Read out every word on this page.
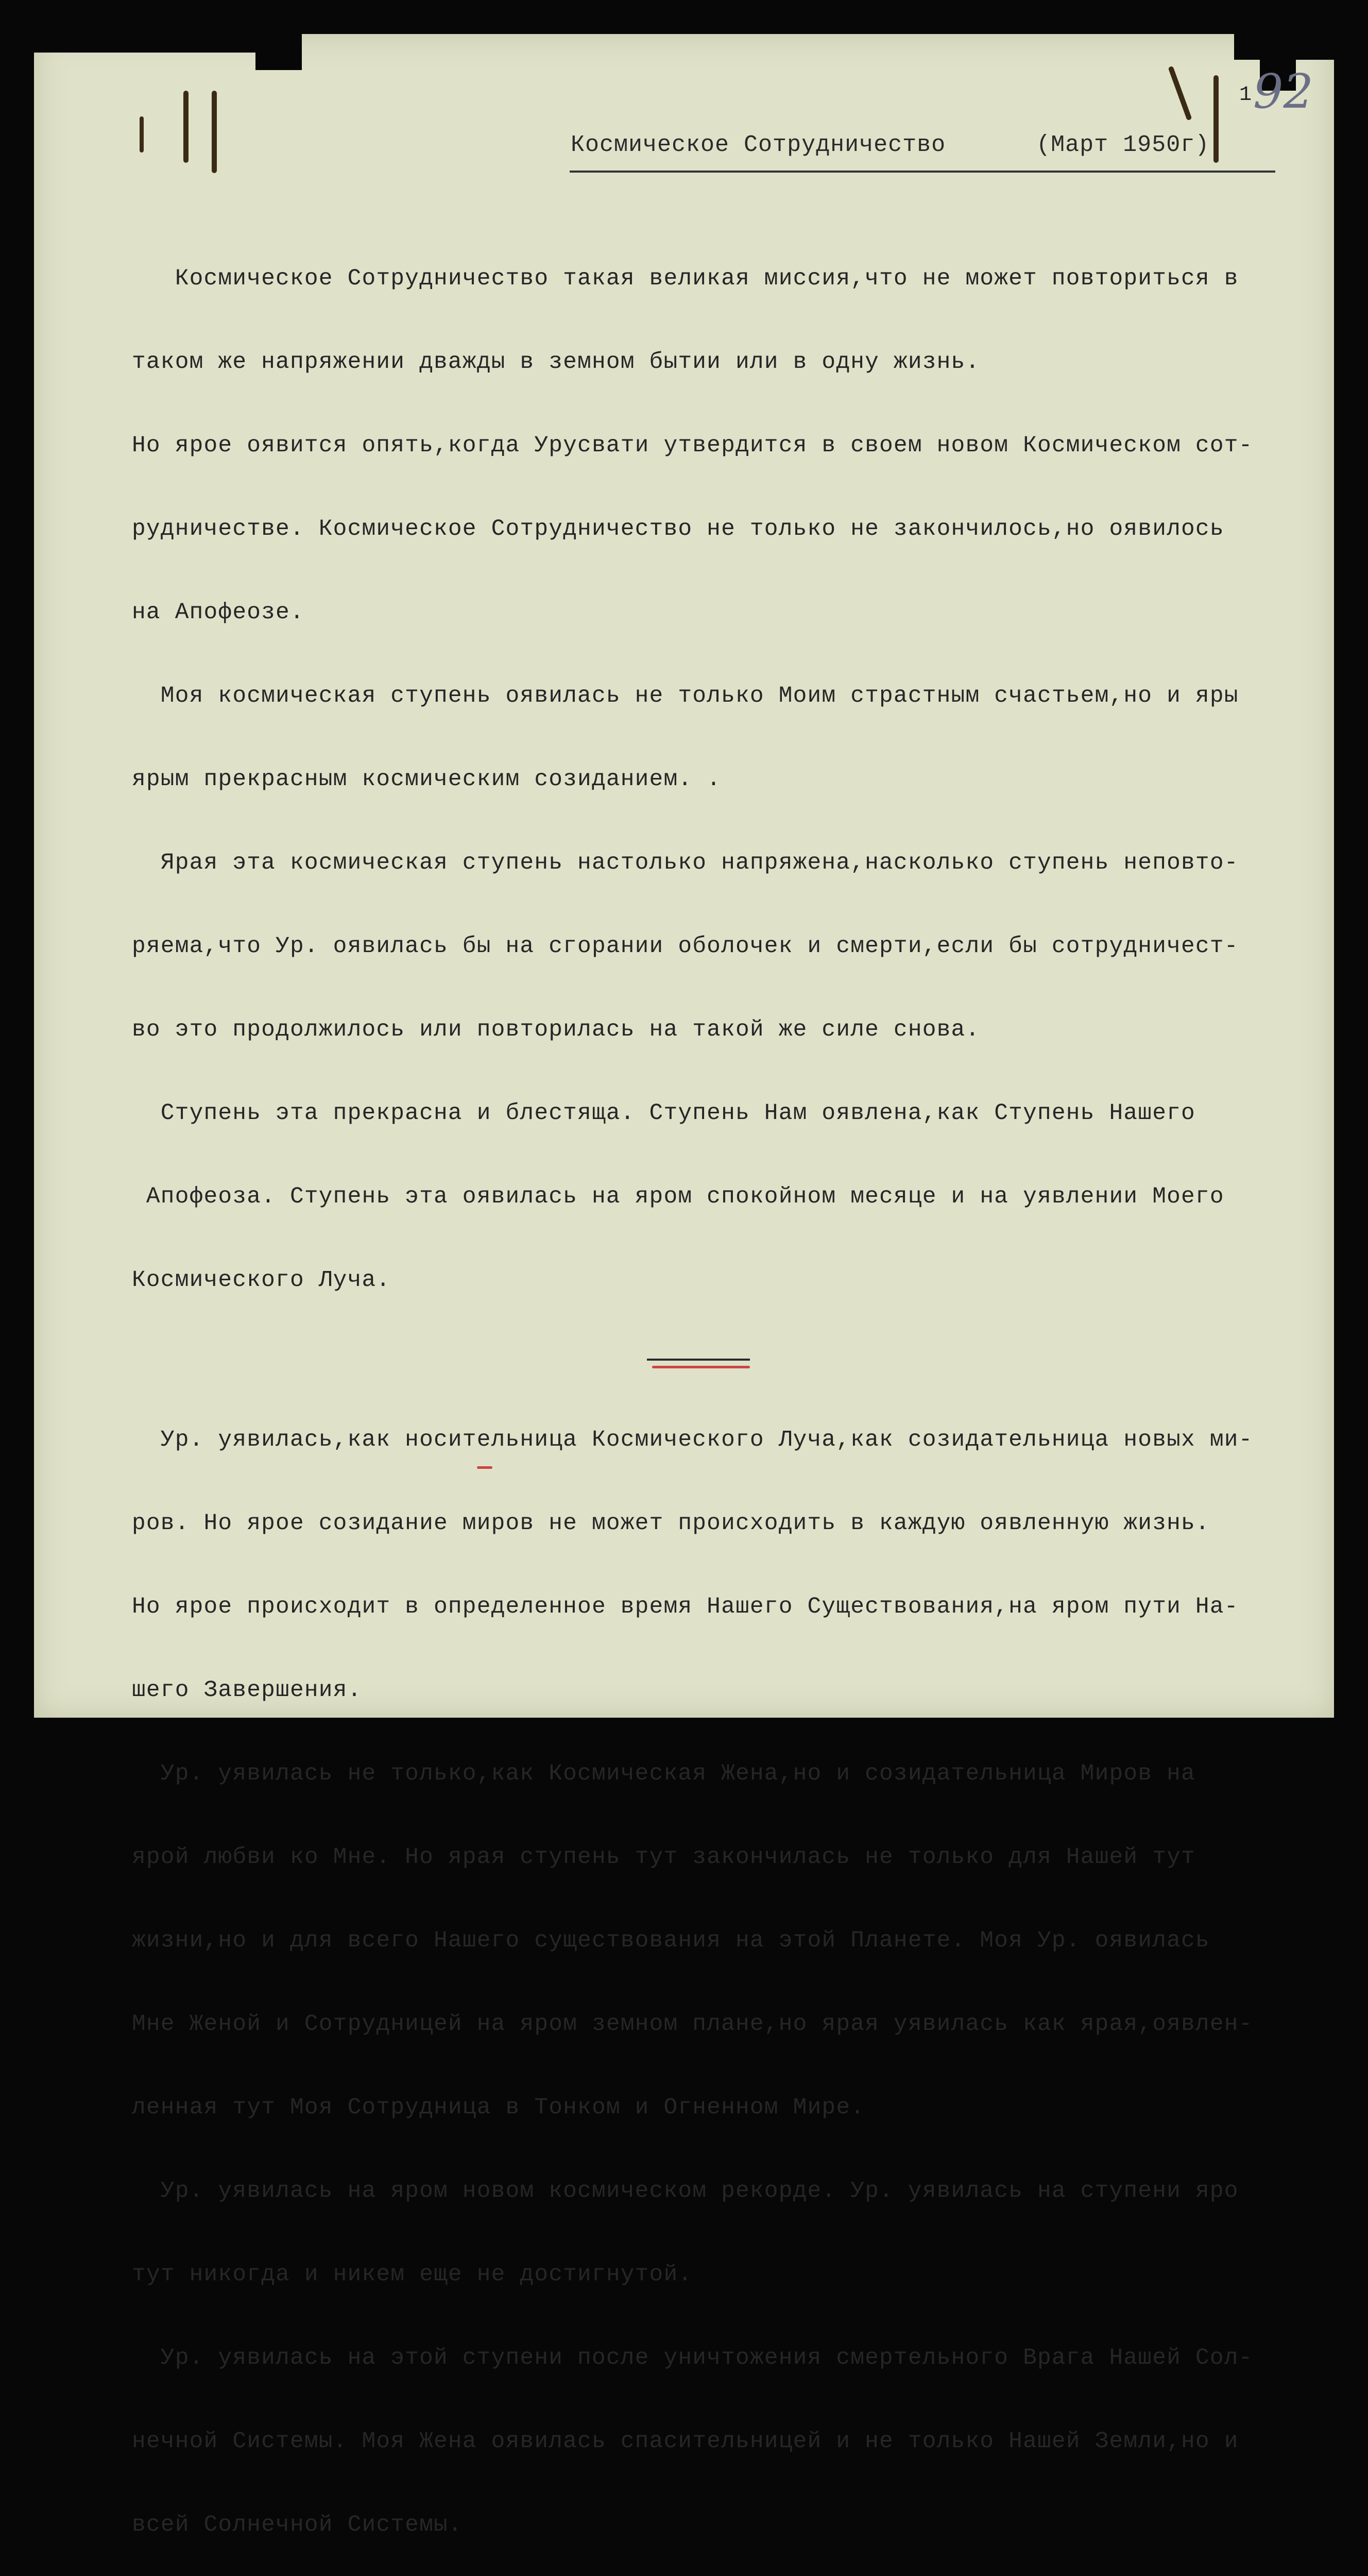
1 92
Космическое Сотрудничество	(Март 1950г)

Космическое Сотрудничество такая великая миссия,что не может повториться в

таком же напряжении дважды в земном бытии или в одну жизнь.

Но ярое оявится опять,когда Урусвати утвердится в своем новом Космическом сот-

рудничестве. Космическое Сотрудничество не только не закончилось,но оявилось

на Апофеозе.

Моя космическая ступень оявилась не только Моим страстным счастьем,но и яры

ярым прекрасным космическим созиданием. .

Ярая эта космическая ступень настолько напряжена,насколько ступень неповто-

ряема,что Ур. оявилась бы на сгорании оболочек и смерти,если бы сотрудничест-

во это продолжилось или повторилась на такой же силе снова.

Ступень эта прекрасна и блестяща. Ступень Нам оявлена,как Ступень Нашего

Апофеоза. Ступень эта оявилась на яром спокойном месяце и на уявлении Моего

Космического Луча.

Ур. уявилась,как носительница Космического Луча,как созидательница новых ми-

ров. Но ярое созидание миров не может происходить в каждую оявленную жизнь.

Но ярое происходит в определенное время Нашего Существования,на яром пути На-

шего Завершения.

Ур. уявилась не только,как Космическая Жена,но и созидательница Миров на

ярой любви ко Мне. Но ярая ступень тут закончилась не только для Нашей тут

жизни,но и для всего Нашего существования на этой Планете. Моя Ур. оявилась

Мне Женой и Сотрудницей на яром земном плане,но ярая уявилась как ярая,оявлен-

ленная тут Моя Сотрудница в Тонком и Огненном Мире.

Ур. уявилась на яром новом космическом рекорде. Ур. уявилась на ступени яро

тут никогда и никем еще не достигнутой.

Ур. уявилась на этой ступени после уничтожения смертельного Врага Нашей Сол-

нечной Системы. Моя Жена оявилась спасительницей и не только Нашей Земли,но и

всей Солнечной Системы.
